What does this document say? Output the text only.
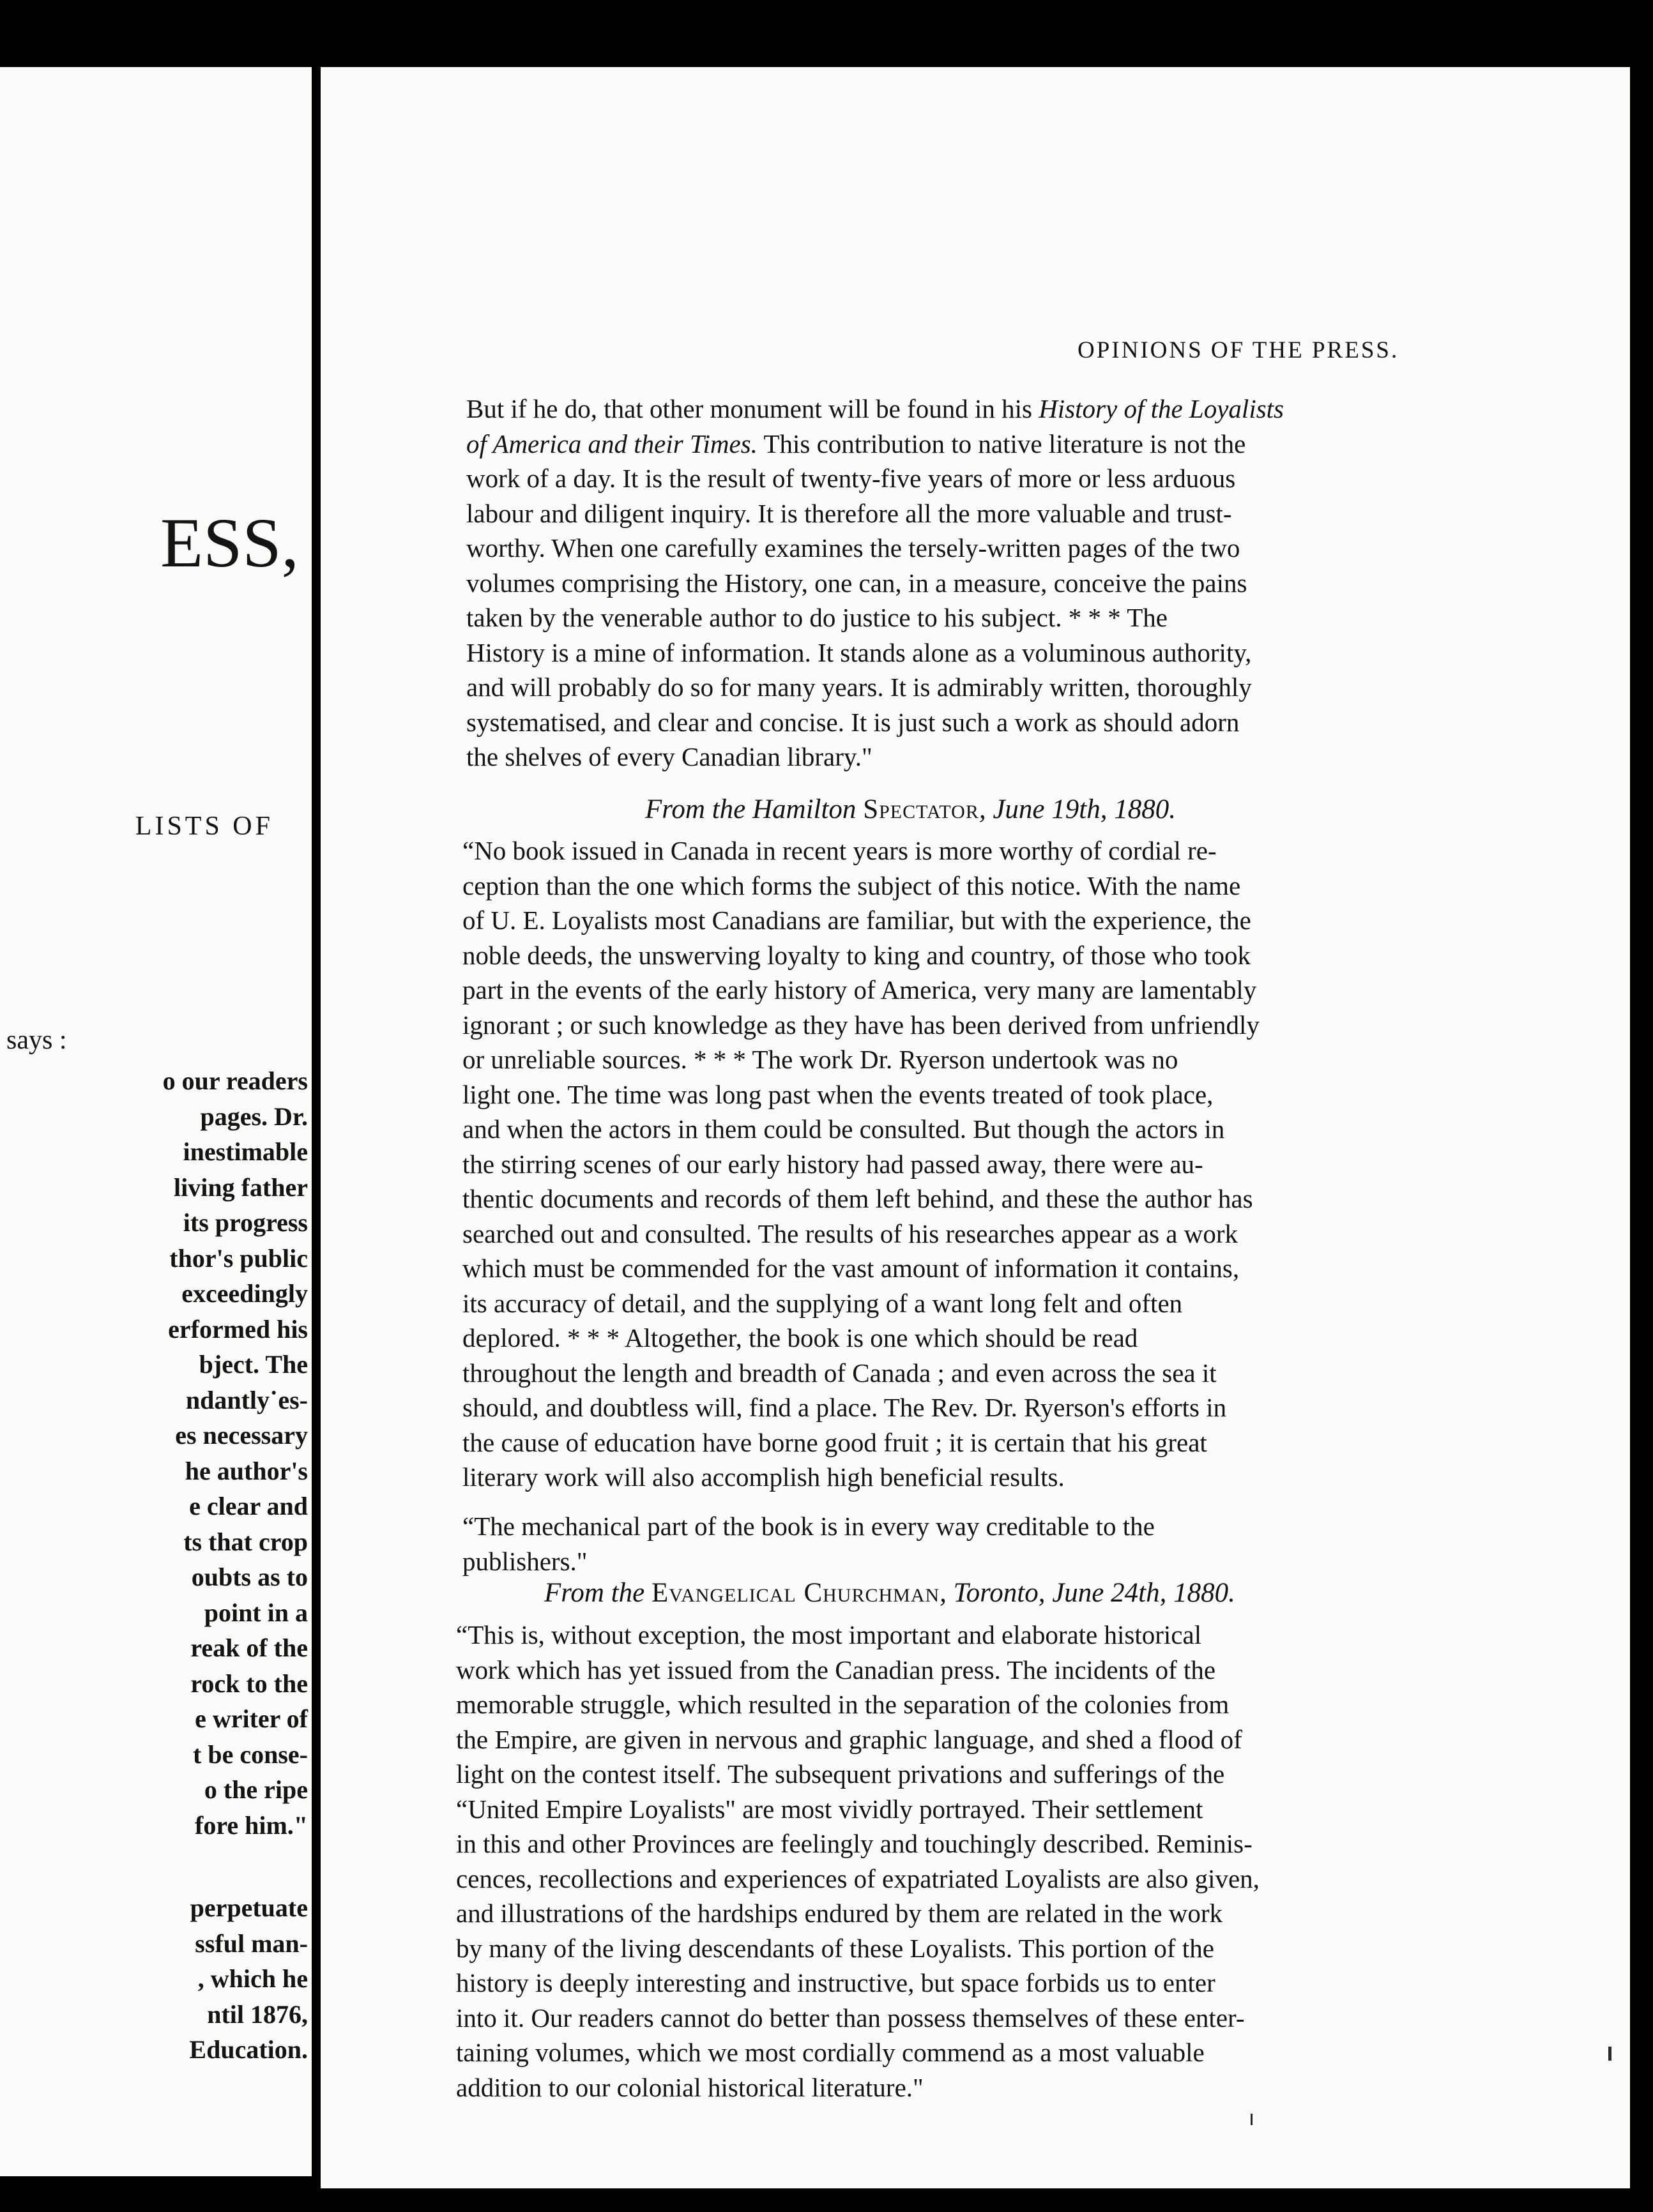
ESS,
LISTS OF
says :
o our readers
pages. Dr.
inestimable
living father
its progress
thor's public
exceedingly
erformed his
bject. The
ndantly˙es-
es necessary
he author's
e clear and
ts that crop
oubts as to
point in a
reak of the
rock to the
e writer of
t be conse-
o the ripe
fore him."
perpetuate
ssful man-
, which he
ntil 1876,
Education.
OPINIONS OF THE PRESS.
But if he do, that other monument will be found in his History of the Loyalists
of America and their Times. This contribution to native literature is not the
work of a day. It is the result of twenty-five years of more or less arduous
labour and diligent inquiry. It is therefore all the more valuable and trust-
worthy. When one carefully examines the tersely-written pages of the two
volumes comprising the History, one can, in a measure, conceive the pains
taken by the venerable author to do justice to his subject. * * * The
History is a mine of information. It stands alone as a voluminous authority,
and will probably do so for many years. It is admirably written, thoroughly
systematised, and clear and concise. It is just such a work as should adorn
the shelves of every Canadian library."
From the Hamilton Spectator, June 19th, 1880.
“No book issued in Canada in recent years is more worthy of cordial re-
ception than the one which forms the subject of this notice. With the name
of U. E. Loyalists most Canadians are familiar, but with the experience, the
noble deeds, the unswerving loyalty to king and country, of those who took
part in the events of the early history of America, very many are lamentably
ignorant ; or such knowledge as they have has been derived from unfriendly
or unreliable sources. * * * The work Dr. Ryerson undertook was no
light one. The time was long past when the events treated of took place,
and when the actors in them could be consulted. But though the actors in
the stirring scenes of our early history had passed away, there were au-
thentic documents and records of them left behind, and these the author has
searched out and consulted. The results of his researches appear as a work
which must be commended for the vast amount of information it contains,
its accuracy of detail, and the supplying of a want long felt and often
deplored. * * * Altogether, the book is one which should be read
throughout the length and breadth of Canada ; and even across the sea it
should, and doubtless will, find a place. The Rev. Dr. Ryerson's efforts in
the cause of education have borne good fruit ; it is certain that his great
literary work will also accomplish high beneficial results.
“The mechanical part of the book is in every way creditable to the
publishers."
From the Evangelical Churchman, Toronto, June 24th, 1880.
“This is, without exception, the most important and elaborate historical
work which has yet issued from the Canadian press. The incidents of the
memorable struggle, which resulted in the separation of the colonies from
the Empire, are given in nervous and graphic language, and shed a flood of
light on the contest itself. The subsequent privations and sufferings of the
“United Empire Loyalists" are most vividly portrayed. Their settlement
in this and other Provinces are feelingly and touchingly described. Reminis-
cences, recollections and experiences of expatriated Loyalists are also given,
and illustrations of the hardships endured by them are related in the work
by many of the living descendants of these Loyalists. This portion of the
history is deeply interesting and instructive, but space forbids us to enter
into it. Our readers cannot do better than possess themselves of these enter-
taining volumes, which we most cordially commend as a most valuable
addition to our colonial historical literature."
